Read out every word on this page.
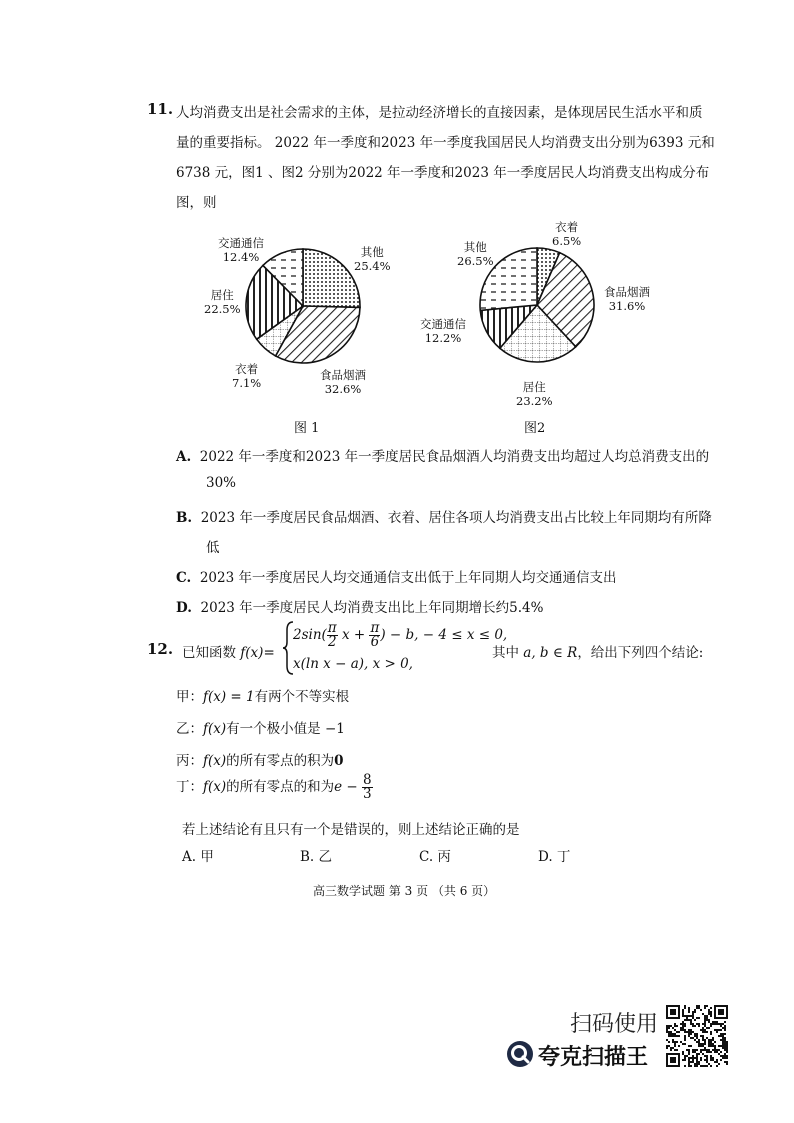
11. 人均消费支出是社会需求的主体，是拉动经济增长的直接因素，是体现居民生活水平和质
量的重要指标。 2022 年一季度和2023 年一季度我国居民人均消费支出分别为6393 元和
6738 元，图1 、图2 分别为2022 年一季度和2023 年一季度居民人均消费支出构成分布
图，则
交通通信
12.4%	其他
25.4%
居住
22.5%
衣着
7.1%
食品烟酒
32.6%
图 1
其他
26.5%
衣着
6.5%
食品烟酒
31.6%
交通通信
12.2%
居住
23.2%
图2
A. 2022 年一季度和2023 年一季度居民食品烟酒人均消费支出均超过人均总消费支出的
30%
B. 2023 年一季度居民食品烟酒、衣着、居住各项人均消费支出占比较上年同期均有所降
低
C. 2023 年一季度居民人均交通通信支出低于上年同期人均交通通信支出
D. 2023 年一季度居民人均消费支出比上年同期增长约5.4%
12. 已知函数 f(x)=
$2\sin( \frac{\pi}{2}$ $x + \frac{\pi}{6}$ ) − b, − 4 ≤ x ≤ 0,
x(ln x − a), x > 0,
其中 a, b ∈ R，给出下列四个结论:
甲：f(x) = 1有两个不等实根
乙：f(x)有一个极小值是 −1
丙：f(x)的所有零点的积为0
丁：f(x)的所有零点的和为$e - \frac{8}{3}$
若上述结论有且只有一个是错误的，则上述结论正确的是
A. 甲	B. 乙	C. 丙	D. 丁
高三数学试题 第 3 页 （共 6 页）
扫码使用
夸克扫描王
